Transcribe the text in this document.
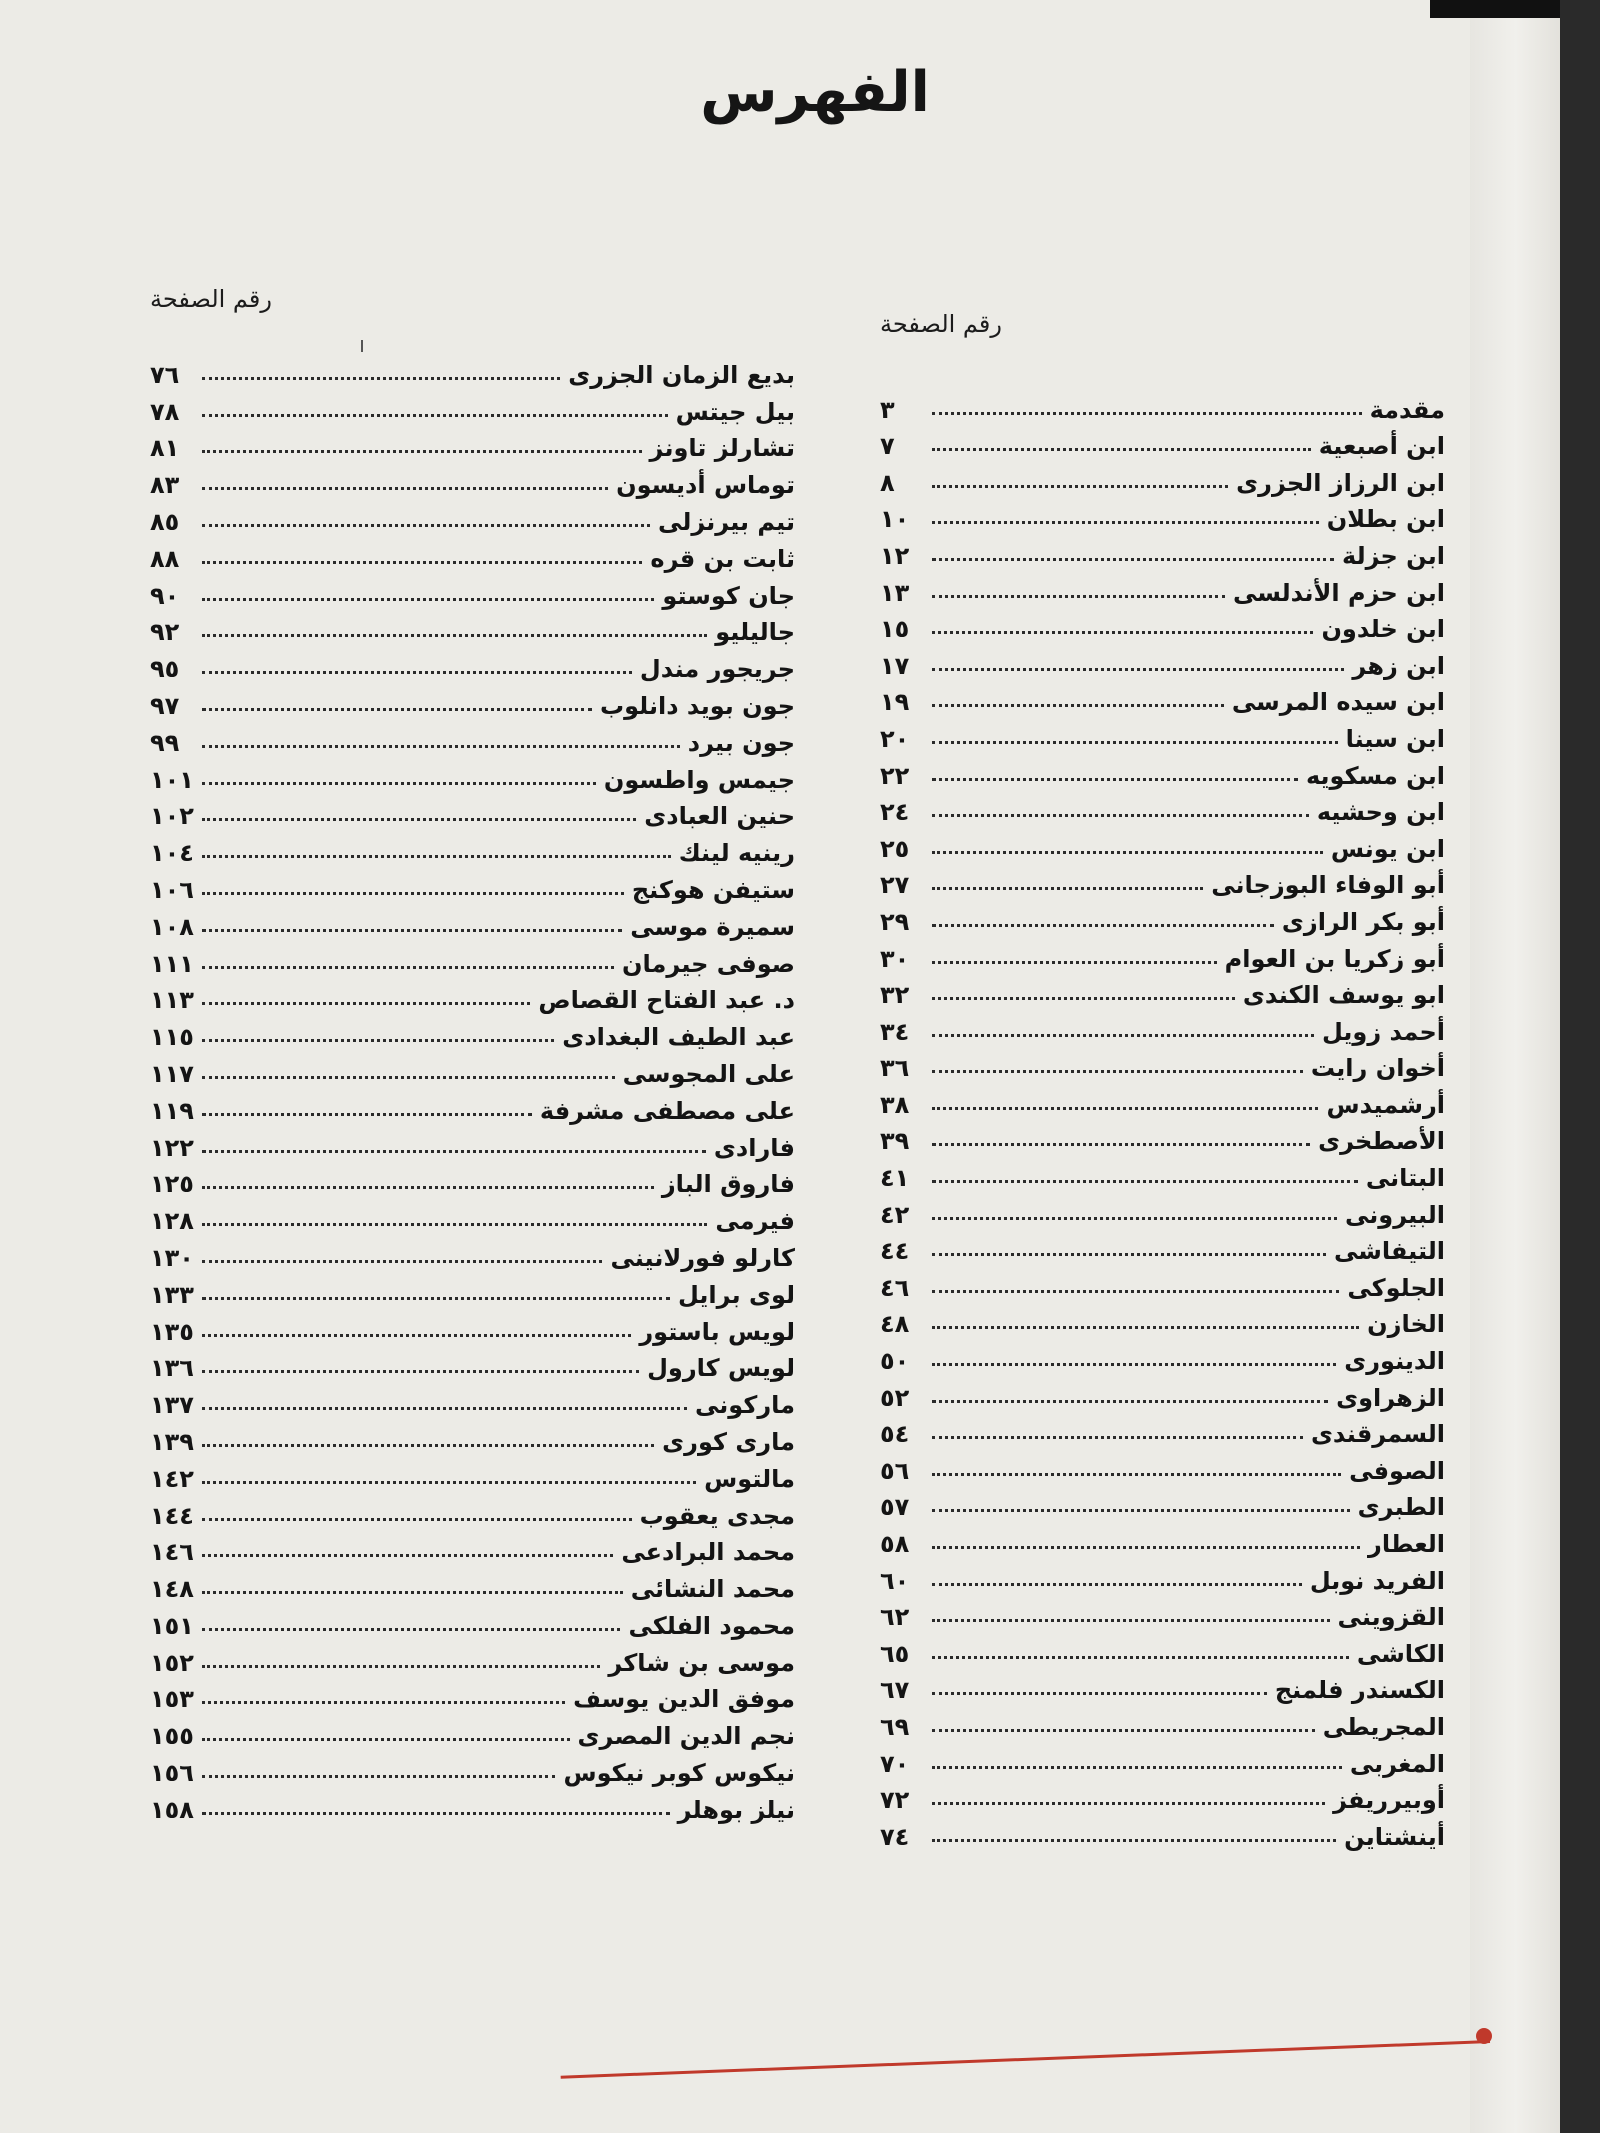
الفهرس
رقم الصفحة
رقم الصفحة
بديع الزمان الجزرى
٧٦
بيل جيتس
٧٨
تشارلز تاونز
٨١
توماس أديسون
٨٣
تيم بيرنزلى
٨٥
ثابت بن قره
٨٨
جان كوستو
٩٠
جاليليو
٩٢
جريجور مندل
٩٥
جون بويد دانلوب
٩٧
جون بيرد
٩٩
جيمس واطسون
١٠١
حنين العبادى
١٠٢
رينيه لينك
١٠٤
ستيفن هوكنج
١٠٦
سميرة موسى
١٠٨
صوفى جيرمان
١١١
د. عبد الفتاح القصاص
١١٣
عبد الطيف البغدادى
١١٥
على المجوسى
١١٧
على مصطفى مشرفة
١١٩
فارادى
١٢٢
فاروق الباز
١٢٥
فيرمى
١٢٨
كارلو فورلانينى
١٣٠
لوى برايل
١٣٣
لويس باستور
١٣٥
لويس كارول
١٣٦
ماركونى
١٣٧
مارى كورى
١٣٩
مالتوس
١٤٢
مجدى يعقوب
١٤٤
محمد البرادعى
١٤٦
محمد النشائى
١٤٨
محمود الفلكى
١٥١
موسى بن شاكر
١٥٢
موفق الدين يوسف
١٥٣
نجم الدين المصرى
١٥٥
نيكوس كوبر نيكوس
١٥٦
نيلز بوهلر
١٥٨
مقدمة
٣
ابن أصبعية
٧
ابن الرزاز الجزرى
٨
ابن بطلان
١٠
ابن جزلة
١٢
ابن حزم الأندلسى
١٣
ابن خلدون
١٥
ابن زهر
١٧
ابن سيده المرسى
١٩
ابن سينا
٢٠
ابن مسكويه
٢٢
ابن وحشيه
٢٤
ابن يونس
٢٥
أبو الوفاء البوزجانى
٢٧
أبو بكر الرازى
٢٩
أبو زكريا بن العوام
٣٠
ابو يوسف الكندى
٣٢
أحمد زويل
٣٤
أخوان رايت
٣٦
أرشميدس
٣٨
الأصطخرى
٣٩
البتانى
٤١
البيرونى
٤٢
التيفاشى
٤٤
الجلوكى
٤٦
الخازن
٤٨
الدينورى
٥٠
الزهراوى
٥٢
السمرقندى
٥٤
الصوفى
٥٦
الطبرى
٥٧
العطار
٥٨
الفريد نوبل
٦٠
القزوينى
٦٢
الكاشى
٦٥
الكسندر فلمنج
٦٧
المجريطى
٦٩
المغربى
٧٠
أوبيرريفز
٧٢
أينشتاين
٧٤
